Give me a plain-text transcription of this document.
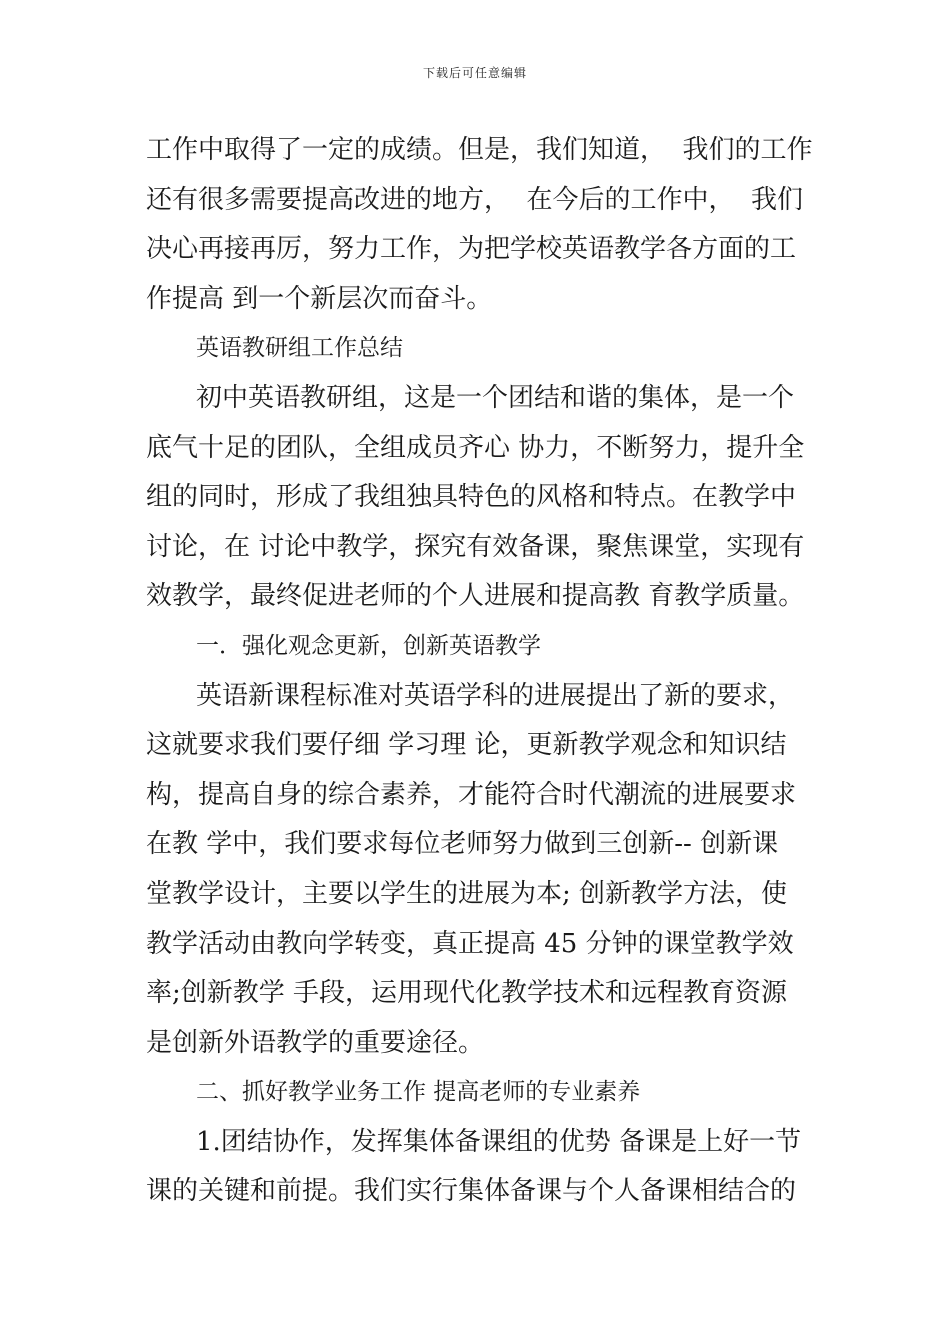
下载后可任意编辑
工作中取得了一定的成绩。但是，我们知道，  我们的工作
还有很多需要提高改进的地方，  在今后的工作中，  我们
决心再接再厉，努力工作，为把学校英语教学各方面的工
作提高 到一个新层次而奋斗。
英语教研组工作总结
初中英语教研组，这是一个团结和谐的集体，是一个
底气十足的团队，全组成员齐心 协力，不断努力，提升全
组的同时，形成了我组独具特色的风格和特点。在教学中
讨论，在 讨论中教学，探究有效备课，聚焦课堂，实现有
效教学，最终促进老师的个人进展和提高教 育教学质量。
一．强化观念更新，创新英语教学
英语新课程标准对英语学科的进展提出了新的要求，
这就要求我们要仔细 学习理 论，更新教学观念和知识结
构，提高自身的综合素养，才能符合时代潮流的进展要求
在教 学中，我们要求每位老师努力做到三创新-- 创新课
堂教学设计，主要以学生的进展为本; 创新教学方法，使
教学活动由教向学转变，真正提高 45 分钟的课堂教学效
率;创新教学 手段，运用现代化教学技术和远程教育资源
是创新外语教学的重要途径。
二、抓好教学业务工作 提高老师的专业素养
1.团结协作，发挥集体备课组的优势 备课是上好一节
课的关键和前提。我们实行集体备课与个人备课相结合的
